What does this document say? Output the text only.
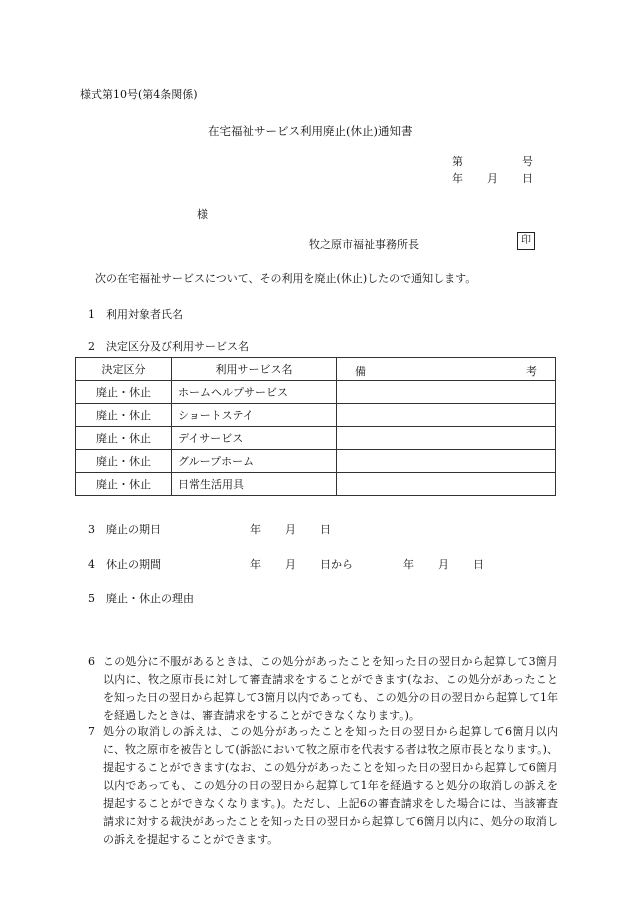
様式第10号(第4条関係)
在宅福祉サービス利用廃止(休止)通知書
第	号
年 月 日
様
牧之原市福祉事務所長	印
次の在宅福祉サービスについて、その利用を廃止(休止)したので通知します。
1　利用対象者氏名
2　決定区分及び利用サービス名
決定区分	利用サービス名	備 考

廃止・休止	ホームヘルプサービス	
廃止・休止	ショートステイ	
廃止・休止	デイサービス	
廃止・休止	グループホーム	
廃止・休止	日常生活用具	
3　廃止の期日	年 月 日
4　休止の期間	年 月 日から	年 月 日
5　廃止・休止の理由
6 この処分に不服があるときは、この処分があったことを知った日の翌日から起算して3箇月以内に、牧之原市長に対して審査請求をすることができます(なお、この処分があったことを知った日の翌日から起算して3箇月以内であっても、この処分の日の翌日から起算して1年を経過したときは、審査請求をすることができなくなります。)。
7 処分の取消しの訴えは、この処分があったことを知った日の翌日から起算して6箇月以内に、牧之原市を被告として(訴訟において牧之原市を代表する者は牧之原市長となります。)、提起することができます(なお、この処分があったことを知った日の翌日から起算して6箇月以内であっても、この処分の日の翌日から起算して1年を経過すると処分の取消しの訴えを提起することができなくなります。)。ただし、上記6の審査請求をした場合には、当該審査請求に対する裁決があったことを知った日の翌日から起算して6箇月以内に、処分の取消しの訴えを提起することができます。
